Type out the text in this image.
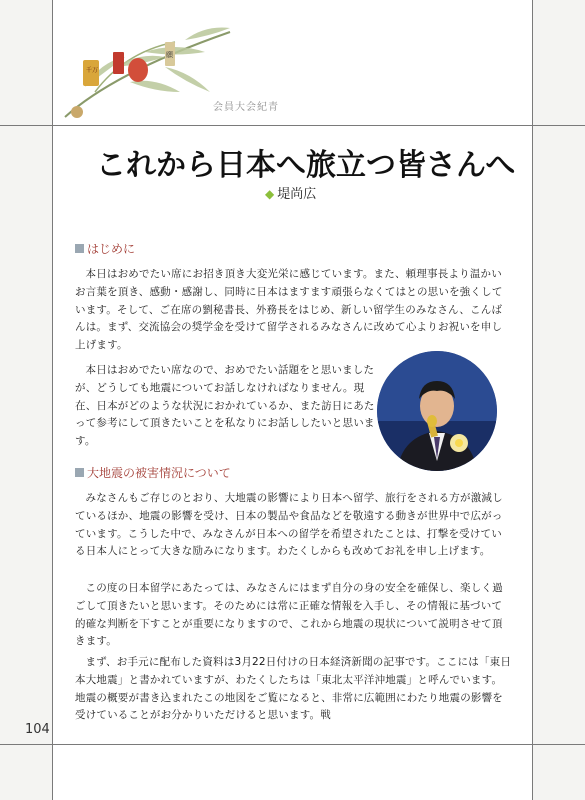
千万
願
会員大会紀青
これから日本へ旅立つ皆さんへ
◆ 堤尚広
はじめに

本日はおめでたい席にお招き頂き大変光栄に感じています。また、頼理事長より温かいお言葉を頂き、感動・感謝し、同時に日本はますます頑張らなくてはとの思いを強くしています。そして、ご在席の劉秘書長、外務長をはじめ、新しい留学生のみなさん、こんばんは。まず、交流協会の奨学金を受けて留学されるみなさんに改めて心よりお祝いを申し上げます。

本日はおめでたい席なので、おめでたい話題をと思いましたが、どうしても地震についてお話しなければなりません。現在、日本がどのような状況におかれているか、また訪日にあたって参考にして頂きたいことを私なりにお話ししたいと思います。

大地震の被害情況について

みなさんもご存じのとおり、大地震の影響により日本へ留学、旅行をされる方が激減しているほか、地震の影響を受け、日本の製品や食品などを敬遠する動きが世界中で広がっています。こうした中で、みなさんが日本への留学を希望されたことは、打撃を受けている日本人にとって大きな励みになります。わたくしからも改めてお礼を申し上げます。

この度の日本留学にあたっては、みなさんにはまず自分の身の安全を確保し、楽しく過ごして頂きたいと思います。そのためには常に正確な情報を入手し、その情報に基づいて的確な判断を下すことが重要になりますので、これから地震の現状について説明させて頂きます。

まず、お手元に配布した資料は3月22日付けの日本経済新聞の記事です。ここには「東日本大地震」と書かれていますが、わたくしたちは「東北太平洋沖地震」と呼んでいます。地震の概要が書き込まれたこの地図をご覧になると、非常に広範囲にわたり地震の影響を受けていることがお分かりいただけると思います。戦

104
